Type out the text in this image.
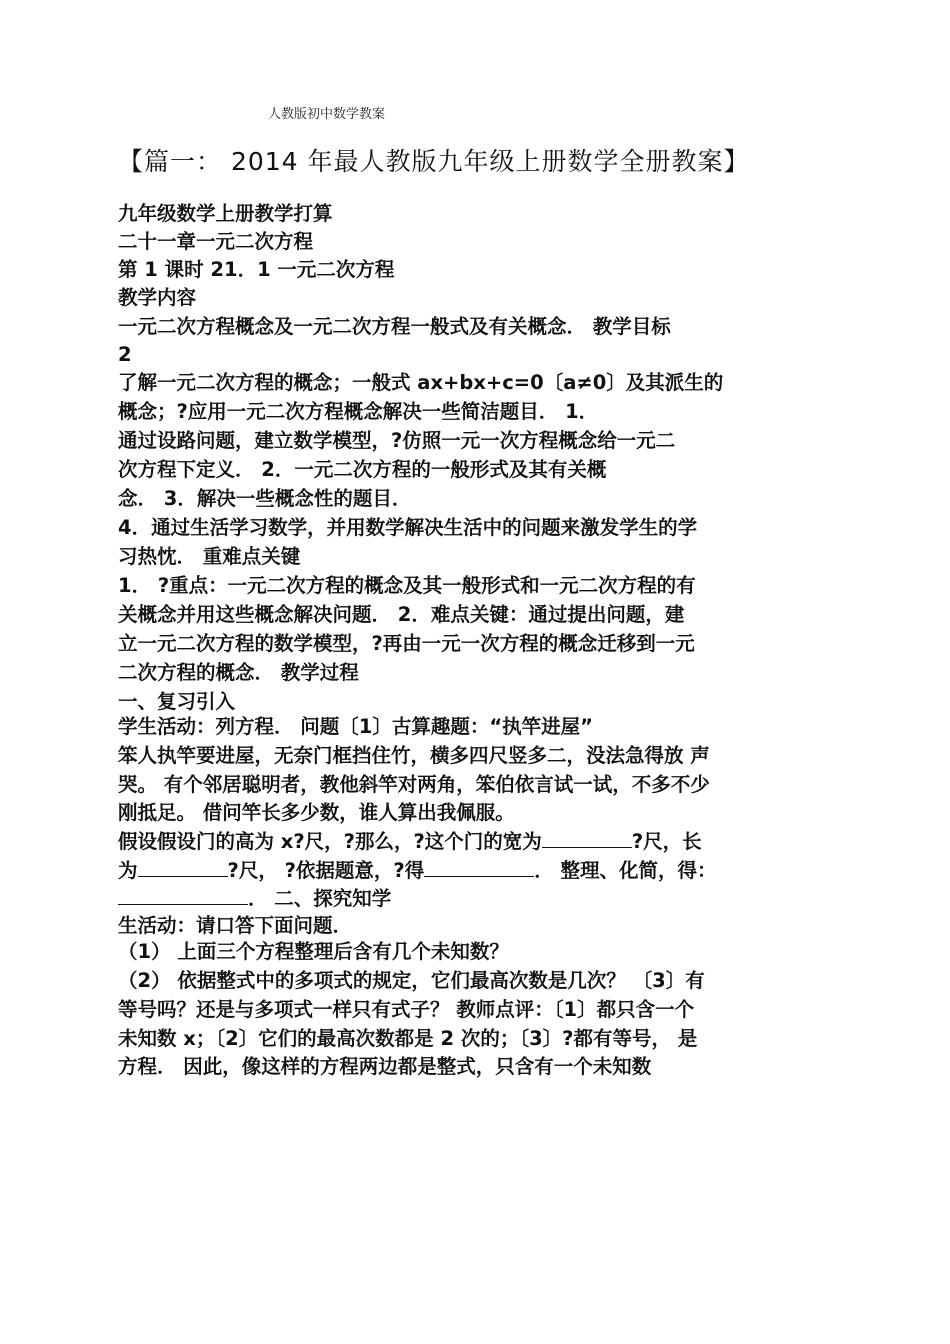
人教版初中数学教案
【篇一： 2014 年最人教版九年级上册数学全册教案】
九年级数学上册教学打算
二十一章一元二次方程
第 1 课时 21．1 一元二次方程
教学内容
一元二次方程概念及一元二次方程一般式及有关概念． 教学目标
2
了解一元二次方程的概念；一般式 ax+bx+c=0〔a≠0〕及其派生的
概念；?应用一元二次方程概念解决一些简洁题目． 1．
通过设路问题，建立数学模型，?仿照一元一次方程概念给一元二
次方程下定义． 2．一元二次方程的一般形式及其有关概
念． 3．解决一些概念性的题目．
4．通过生活学习数学，并用数学解决生活中的问题来激发学生的学
习热忱． 重难点关键
1． ?重点：一元二次方程的概念及其一般形式和一元二次方程的有
关概念并用这些概念解决问题． 2．难点关键：通过提出问题，建
立一元二次方程的数学模型，?再由一元一次方程的概念迁移到一元
二次方程的概念． 教学过程
一、复习引入
学生活动：列方程． 问题〔1〕古算趣题：“执竿进屋”
笨人执竿要进屋，无奈门框挡住竹，横多四尺竖多二，没法急得放 声
哭。 有个邻居聪明者，教他斜竿对两角，笨伯依言试一试，不多不少
刚抵足。 借问竿长多少数，谁人算出我佩服。
假设假设门的高为 x?尺，?那么，?这个门的宽为	?尺，长
为	?尺， ?依据题意，?得	． 整理、化简，得：
． 二、探究知学
生活动：请口答下面问题．
（1） 上面三个方程整理后含有几个未知数？
（2） 依据整式中的多项式的规定，它们最高次数是几次？ 〔3〕有
等号吗？还是与多项式一样只有式子？ 教师点评：〔1〕都只含一个
未知数 x；〔2〕它们的最高次数都是 2 次的；〔3〕?都有等号， 是
方程． 因此，像这样的方程两边都是整式，只含有一个未知数
